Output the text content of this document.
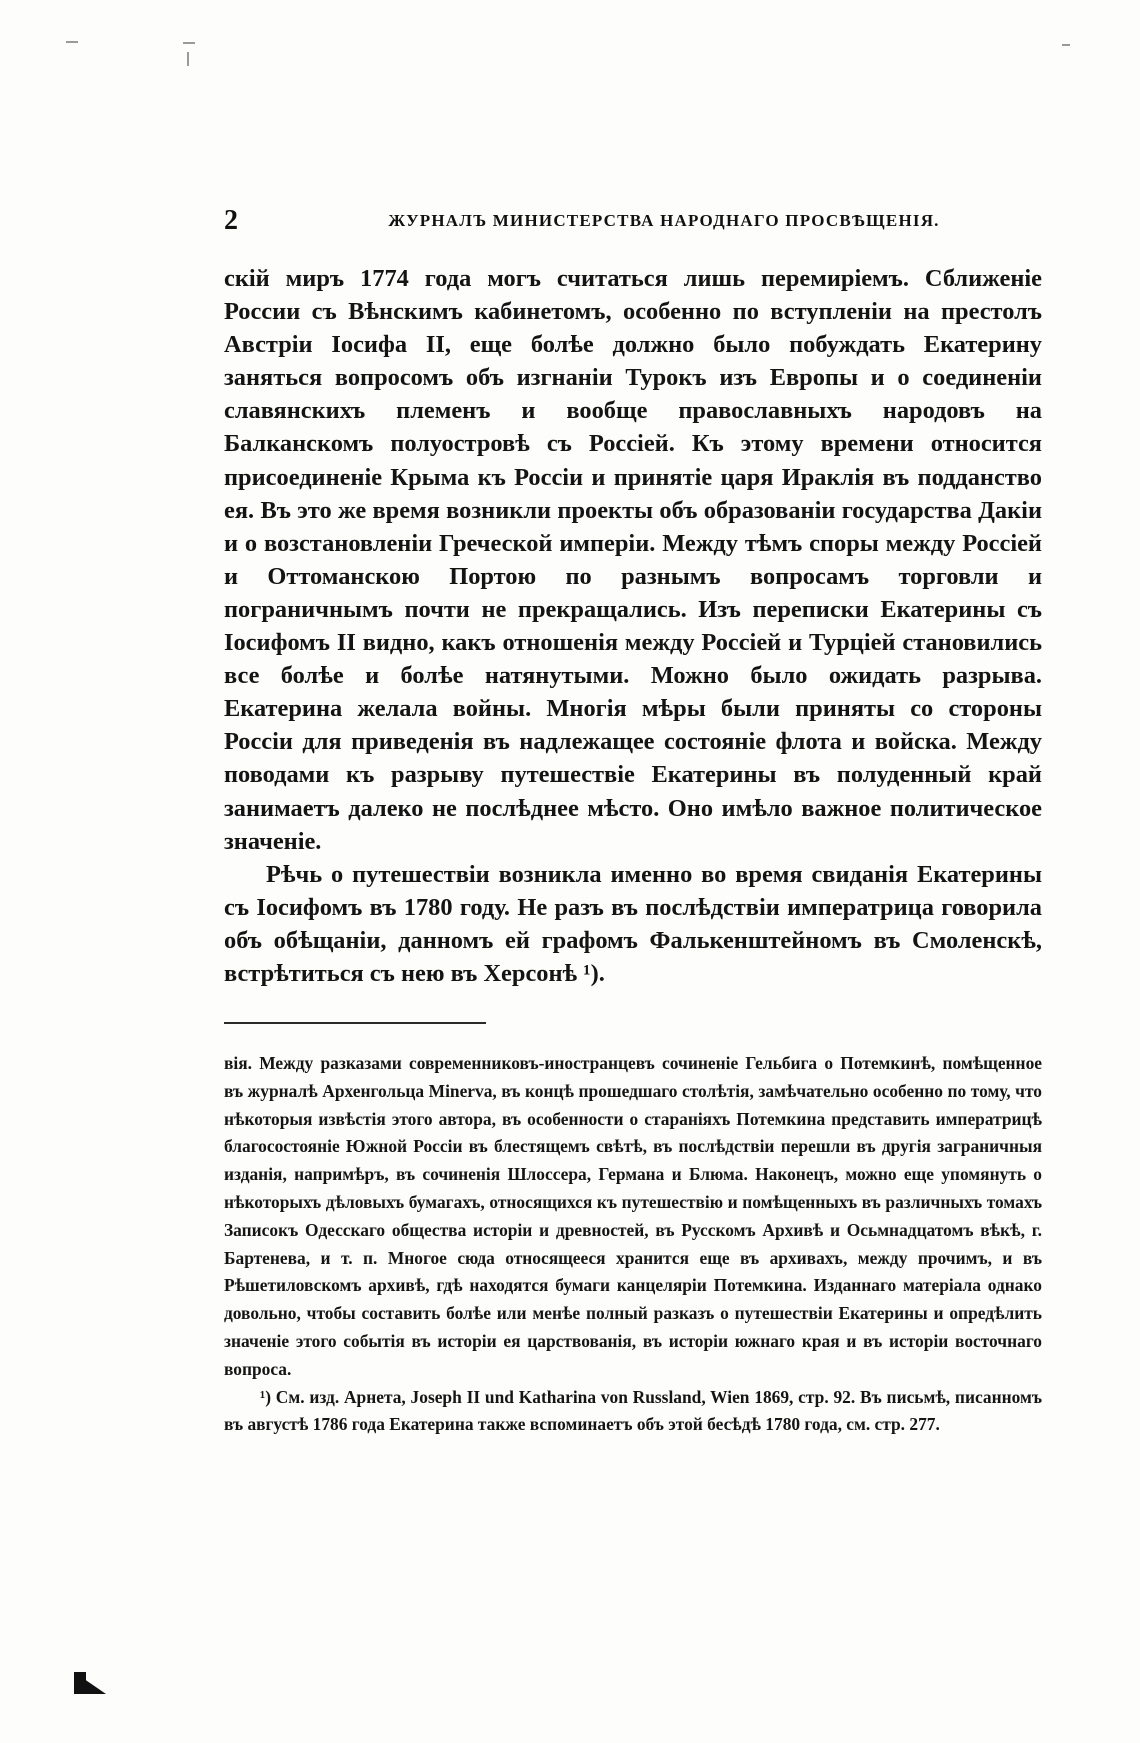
2	ЖУРНАЛЪ МИНИСТЕРСТВА НАРОДНАГО ПРОСВѢЩЕНІЯ.

скій миръ 1774 года могъ считаться лишь перемиріемъ. Сближеніе России съ Вѣнскимъ кабинетомъ, особенно по вступленіи на престолъ Австріи Іосифа II, еще болѣе должно было побуждать Екатерину заняться вопросомъ объ изгнаніи Турокъ изъ Европы и о соединеніи славянскихъ племенъ и вообще православныхъ народовъ на Балканскомъ полуостровѣ съ Россіей. Къ этому времени относится присоединеніе Крыма къ Россіи и принятіе царя Ираклія въ подданство ея. Въ это же время возникли проекты объ образованіи государства Дакіи и о возстановленіи Греческой имперіи. Между тѣмъ споры между Россіей и Оттоманскою Портою по разнымъ вопросамъ торговли и пограничнымъ почти не прекращались. Изъ переписки Екатерины съ Іосифомъ II видно, какъ отношенія между Россіей и Турціей становились все болѣе и болѣе натянутыми. Можно было ожидать разрыва. Екатерина желала войны. Многія мѣры были приняты со стороны Россіи для приведенія въ надлежащее состояніе флота и войска. Между поводами къ разрыву путешествіе Екатерины въ полуденный край занимаетъ далеко не послѣднее мѣсто. Оно имѣло важное политическое значеніе.

Рѣчь о путешествіи возникла именно во время свиданія Екатерины съ Іосифомъ въ 1780 году. Не разъ въ послѣдствіи императрица говорила объ обѣщаніи, данномъ ей графомъ Фалькенштейномъ въ Смоленскѣ, встрѣтиться съ нею въ Херсонѣ ¹).

вія. Между разказами современниковъ-иностранцевъ сочиненіе Гельбига о Потемкинѣ, помѣщенное въ журналѣ Архенгольца Minerva, въ концѣ прошедшаго столѣтія, замѣчательно особенно по тому, что нѣкоторыя извѣстія этого автора, въ особенности о стараніяхъ Потемкина представить императрицѣ благосостояніе Южной Россіи въ блестящемъ свѣтѣ, въ послѣдствіи перешли въ другія заграничныя изданія, напримѣръ, въ сочиненія Шлоссера, Германа и Блюма. Наконецъ, можно еще упомянуть о нѣкоторыхъ дѣловыхъ бумагахъ, относящихся къ путешествію и помѣщенныхъ въ различныхъ томахъ Записокъ Одесскаго общества исторіи и древностей, въ Русскомъ Архивѣ и Осьмнадцатомъ вѣкѣ, г. Бартенева, и т. п. Многое сюда относящееся хранится еще въ архивахъ, между прочимъ, и въ Рѣшетиловскомъ архивѣ, гдѣ находятся бумаги канцеляріи Потемкина. Изданнаго матеріала однако довольно, чтобы составить болѣе или менѣе полный разказъ о путешествіи Екатерины и опредѣлить значеніе этого событія въ исторіи ея царствованія, въ исторіи южнаго края и въ исторіи восточнаго вопроса.

¹) См. изд. Арнета, Joseph II und Katharina von Russland, Wien 1869, стр. 92. Въ письмѣ, писанномъ въ августѣ 1786 года Екатерина также вспоминаетъ объ этой бесѣдѣ 1780 года, см. стр. 277.
